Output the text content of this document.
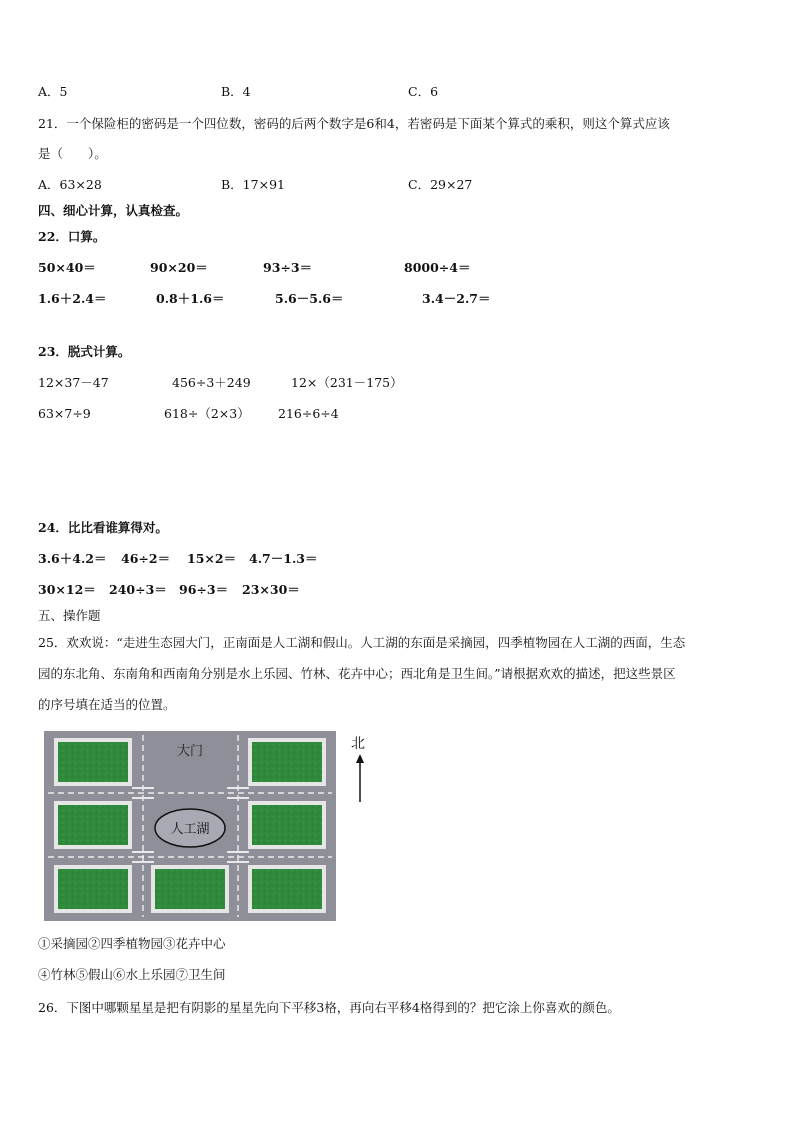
A．5	B．4	C．6
21．一个保险柜的密码是一个四位数，密码的后两个数字是6和4，若密码是下面某个算式的乘积，则这个算式应该
是（　　）。
A．63×28	B．17×91	C．29×27
四、细心计算，认真检查。
22．口算。
50×40＝	90×20＝	93÷3＝	8000÷4＝
1.6＋2.4＝	0.8＋1.6＝	5.6－5.6＝	3.4－2.7＝
23．脱式计算。
12×37－47	456÷3＋249	12×（231－175）
63×7÷9	618÷（2×3） 216÷6÷4
24．比比看谁算得对。
3.6＋4.2＝ 46÷2＝ 15×2＝ 4.7－1.3＝
30×12＝ 240÷3＝ 96÷3＝ 23×30＝
五、操作题
25．欢欢说：“走进生态园大门，正南面是人工湖和假山。人工湖的东面是采摘园，四季植物园在人工湖的西面，生态
园的东北角、东南角和西南角分别是水上乐园、竹林、花卉中心；西北角是卫生间。”请根据欢欢的描述，把这些景区
的序号填在适当的位置。
大门
人工湖
北
①采摘园②四季植物园③花卉中心
④竹林⑤假山⑥水上乐园⑦卫生间
26．下图中哪颗星星是把有阴影的星星先向下平移3格，再向右平移4格得到的？把它涂上你喜欢的颜色。
